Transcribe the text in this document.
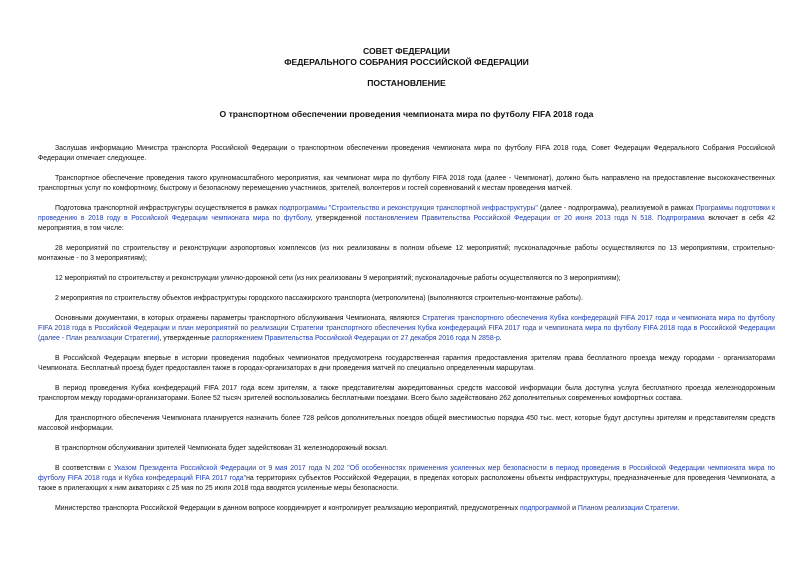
СОВЕТ ФЕДЕРАЦИИ
ФЕДЕРАЛЬНОГО СОБРАНИЯ РОССИЙСКОЙ ФЕДЕРАЦИИ
ПОСТАНОВЛЕНИЕ
О транспортном обеспечении проведения чемпионата мира по футболу FIFA 2018 года

Заслушав информацию Министра транспорта Российской Федерации о транспортном обеспечении проведения чемпионата мира по футболу FIFA 2018 года, Совет Федерации Федерального Собрания Российской Федерации отмечает следующее.

Транспортное обеспечение проведения такого крупномасштабного мероприятия, как чемпионат мира по футболу FIFA 2018 года (далее - Чемпионат), должно быть направлено на предоставление высококачественных транспортных услуг по комфортному, быстрому и безопасному перемещению участников, зрителей, волонтеров и гостей соревнований к местам проведения матчей.

Подготовка транспортной инфраструктуры осуществляется в рамках подпрограммы "Строительство и реконструкция транспортной инфраструктуры" (далее - подпрограмма), реализуемой в рамках Программы подготовки к проведению в 2018 году в Российской Федерации чемпионата мира по футболу, утвержденной постановлением Правительства Российской Федерации от 20 июня 2013 года N 518. Подпрограмма включает в себя 42 мероприятия, в том числе:

28 мероприятий по строительству и реконструкции аэропортовых комплексов (из них реализованы в полном объеме 12 мероприятий; пусконаладочные работы осуществляются по 13 мероприятиям, строительно-монтажные - по 3 мероприятиям);

12 мероприятий по строительству и реконструкции улично-дорожной сети (из них реализованы 9 мероприятий; пусконаладочные работы осуществляются по 3 мероприятиям);

2 мероприятия по строительству объектов инфраструктуры городского пассажирского транспорта (метрополитена) (выполняются строительно-монтажные работы).

Основными документами, в которых отражены параметры транспортного обслуживания Чемпионата, являются Стратегия транспортного обеспечения Кубка конфедераций FIFA 2017 года и чемпионата мира по футболу FIFA 2018 года в Российской Федерации и план мероприятий по реализации Стратегии транспортного обеспечения Кубка конфедераций FIFA 2017 года и чемпионата мира по футболу FIFA 2018 года в Российской Федерации (далее - План реализации Стратегии), утвержденные распоряжением Правительства Российской Федерации от 27 декабря 2016 года N 2858-р.

В Российской Федерации впервые в истории проведения подобных чемпионатов предусмотрена государственная гарантия предоставления зрителям права бесплатного проезда между городами - организаторами Чемпионата. Бесплатный проезд будет предоставлен также в городах-организаторах в дни проведения матчей по специально определенным маршрутам.

В период проведения Кубка конфедераций FIFA 2017 года всем зрителям, а также представителям аккредитованных средств массовой информации была доступна услуга бесплатного проезда железнодорожным транспортом между городами-организаторами. Более 52 тысяч зрителей воспользовались бесплатными поездами. Всего было задействовано 262 дополнительных современных комфортных состава.

Для транспортного обеспечения Чемпионата планируется назначить более 728 рейсов дополнительных поездов общей вместимостью порядка 450 тыс. мест, которые будут доступны зрителям и представителям средств массовой информации.

В транспортном обслуживании зрителей Чемпионата будет задействован 31 железнодорожный вокзал.

В соответствии с Указом Президента Российской Федерации от 9 мая 2017 года N 202 "Об особенностях применения усиленных мер безопасности в период проведения в Российской Федерации чемпионата мира по футболу FIFA 2018 года и Кубка конфедераций FIFA 2017 года"на территориях субъектов Российской Федерации, в пределах которых расположены объекты инфраструктуры, предназначенные для проведения Чемпионата, а также в прилегающих к ним акваториях с 25 мая по 25 июля 2018 года вводятся усиленные меры безопасности.

Министерство транспорта Российской Федерации в данном вопросе координирует и контролирует реализацию мероприятий, предусмотренных подпрограммой и Планом реализации Стратегии.
